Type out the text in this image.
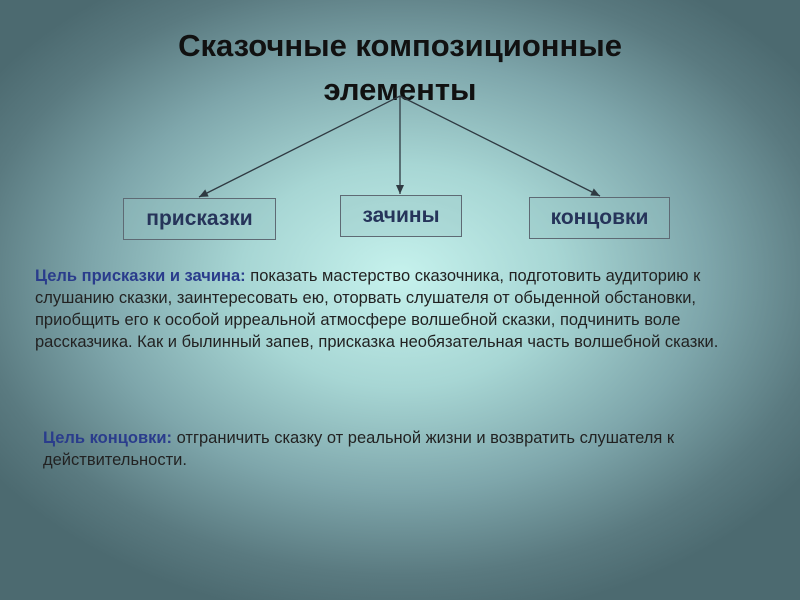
Сказочные композиционные
элементы
присказки	зачины	концовки

Цель присказки и зачина: показать мастерство сказочника, подготовить аудиторию к слушанию сказки, заинтересовать ею, оторвать слушателя от обыденной обстановки, приобщить его к особой ирреальной атмосфере волшебной сказки, подчинить воле рассказчика. Как и былинный запев, присказка необязательная часть волшебной сказки.

Цель концовки: отграничить сказку от реальной жизни и возвратить слушателя к действительности.
